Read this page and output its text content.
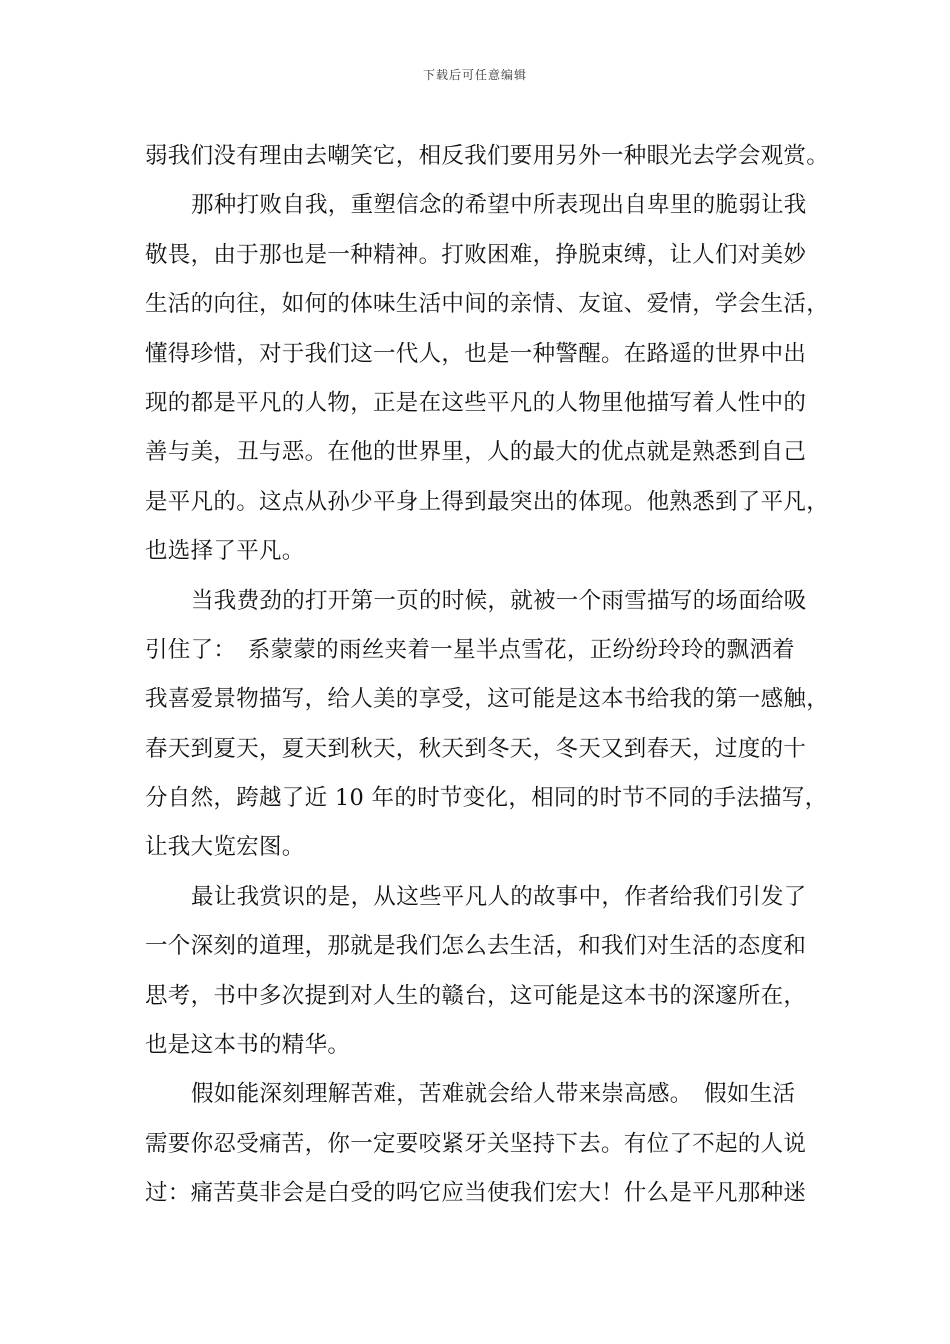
下载后可任意编辑
弱我们没有理由去嘲笑它，相反我们要用另外一种眼光去学会观赏。
那种打败自我，重塑信念的希望中所表现出自卑里的脆弱让我
敬畏，由于那也是一种精神。打败困难，挣脱束缚，让人们对美妙
生活的向往，如何的体味生活中间的亲情、友谊、爱情，学会生活，
懂得珍惜，对于我们这一代人，也是一种警醒。在路遥的世界中出
现的都是平凡的人物，正是在这些平凡的人物里他描写着人性中的
善与美，丑与恶。在他的世界里，人的最大的优点就是熟悉到自己
是平凡的。这点从孙少平身上得到最突出的体现。他熟悉到了平凡，
也选择了平凡。
当我费劲的打开第一页的时候，就被一个雨雪描写的场面给吸
引住了：　系蒙蒙的雨丝夹着一星半点雪花，正纷纷玲玲的飘洒着
我喜爱景物描写，给人美的享受，这可能是这本书给我的第一感触，
春天到夏天，夏天到秋天，秋天到冬天，冬天又到春天，过度的十
分自然，跨越了近 10 年的时节变化，相同的时节不同的手法描写，
让我大览宏图。
最让我赏识的是，从这些平凡人的故事中，作者给我们引发了
一个深刻的道理，那就是我们怎么去生活，和我们对生活的态度和
思考，书中多次提到对人生的赣台，这可能是这本书的深邃所在，
也是这本书的精华。
假如能深刻理解苦难，苦难就会给人带来崇高感。　假如生活
需要你忍受痛苦，你一定要咬紧牙关坚持下去。有位了不起的人说
过：痛苦莫非会是白受的吗它应当使我们宏大！什么是平凡那种迷
